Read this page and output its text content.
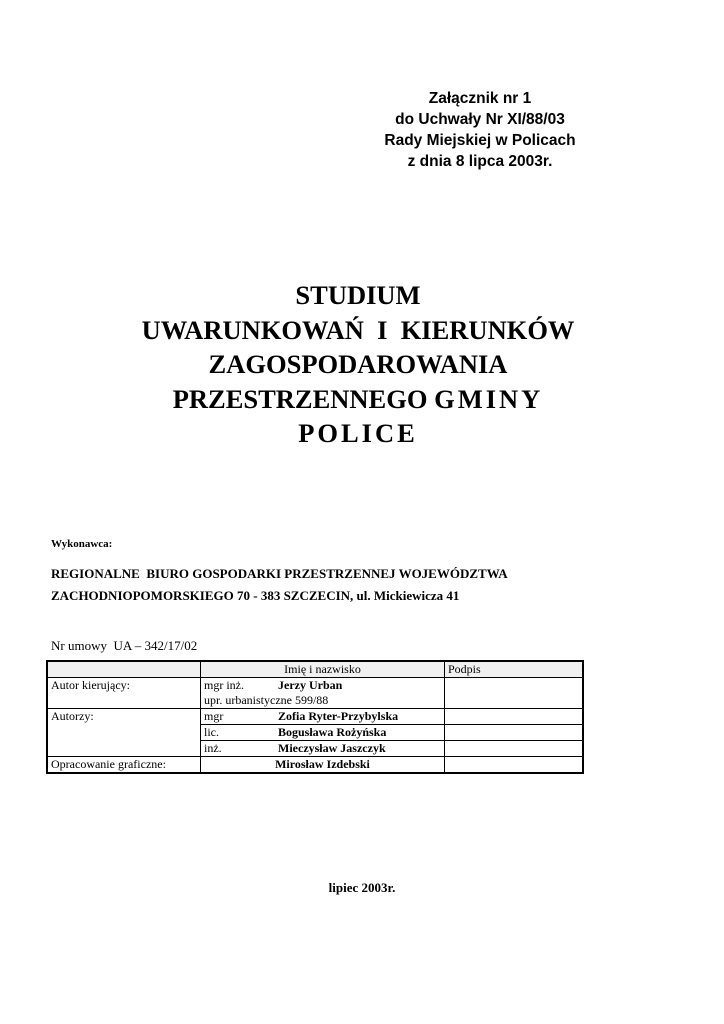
Załącznik nr 1
do Uchwały Nr XI/88/03
Rady Miejskiej w Policach
z dnia 8 lipca 2003r.
STUDIUM
UWARUNKOWAŃ  I  KIERUNKÓW
ZAGOSPODAROWANIA
PRZESTRZENNEGO GMINY
POLICE
Wykonawca:
REGIONALNE  BIURO GOSPODARKI PRZESTRZENNEJ WOJEWÓDZTWA
ZACHODNIOPOMORSKIEGO 70 - 383 SZCZECIN, ul. Mickiewicza 41
Nr umowy  UA – 342/17/02
	Imię i nazwisko	Podpis
Autor kierujący:	mgr inż. Jerzy Urban	
	upr. urbanistyczne 599/88	
Autorzy:	mgr Zofia Ryter-Przybylska	
	lic. Bogusława Rożyńska	
	inż. Mieczysław Jaszczyk	
Opracowanie graficzne:	Mirosław Izdebski	
lipiec 2003r.
